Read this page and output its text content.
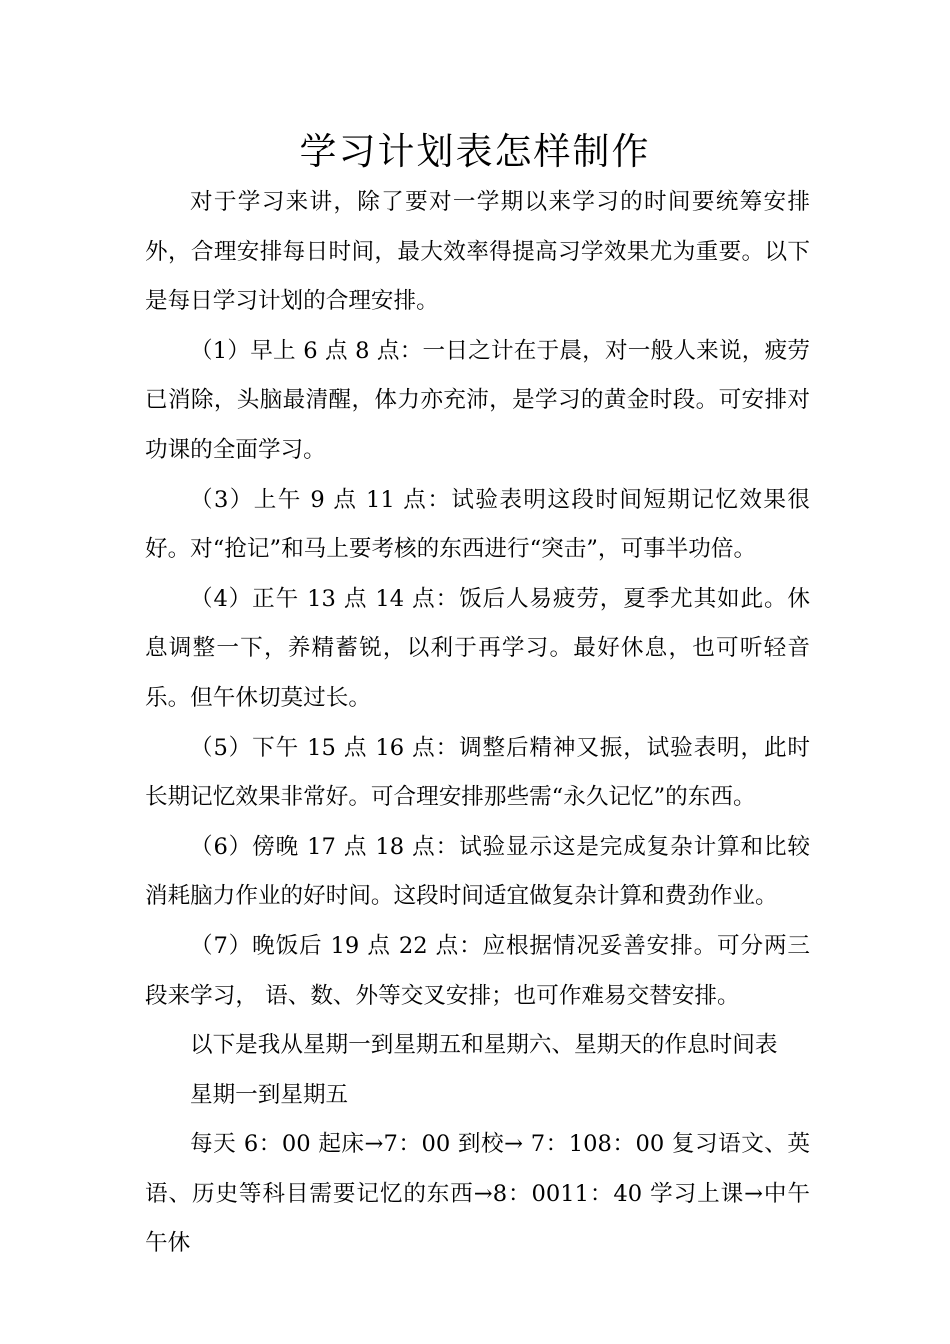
学习计划表怎样制作

对于学习来讲，除了要对一学期以来学习的时间要统筹安排外，合理安排每日时间，最大效率得提高习学效果尤为重要。以下是每日学习计划的合理安排。

（1）早上 6 点 8 点：一日之计在于晨，对一般人来说，疲劳已消除，头脑最清醒，体力亦充沛，是学习的黄金时段。可安排对功课的全面学习。

（3）上午 9 点 11 点：试验表明这段时间短期记忆效果很好。对“抢记”和马上要考核的东西进行“突击”，可事半功倍。

（4）正午 13 点 14 点：饭后人易疲劳，夏季尤其如此。休息调整一下，养精蓄锐，以利于再学习。最好休息，也可听轻音乐。但午休切莫过长。

（5）下午 15 点 16 点：调整后精神又振，试验表明，此时长期记忆效果非常好。可合理安排那些需“永久记忆”的东西。

（6）傍晚 17 点 18 点：试验显示这是完成复杂计算和比较消耗脑力作业的好时间。这段时间适宜做复杂计算和费劲作业。

（7）晚饭后 19 点 22 点：应根据情况妥善安排。可分两三段来学习， 语、数、外等交叉安排；也可作难易交替安排。

以下是我从星期一到星期五和星期六、星期天的作息时间表

星期一到星期五

每天 6：00 起床→7：00 到校→ 7：108：00 复习语文、英语、历史等科目需要记忆的东西→8：0011：40 学习上课→中午午休
